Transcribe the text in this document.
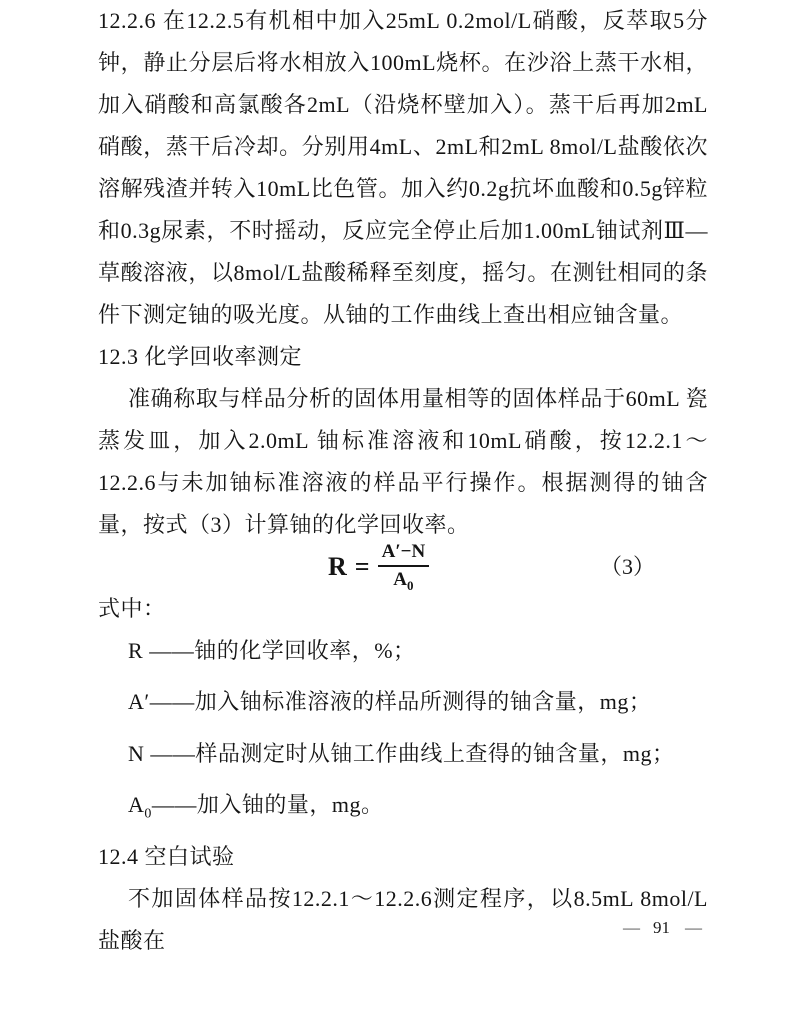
12.2.6 在12.2.5有机相中加入25mL 0.2mol/L硝酸，反萃取5分钟，静止分层后将水相放入100mL烧杯。在沙浴上蒸干水相，加入硝酸和高氯酸各2mL（沿烧杯壁加入）。蒸干后再加2mL硝酸，蒸干后冷却。分别用4mL、2mL和2mL 8mol/L盐酸依次溶解残渣并转入10mL比色管。加入约0.2g抗坏血酸和0.5g锌粒和0.3g尿素，不时摇动，反应完全停止后加1.00mL铀试剂Ⅲ—草酸溶液，以8mol/L盐酸稀释至刻度，摇匀。在测钍相同的条件下测定铀的吸光度。从铀的工作曲线上查出相应铀含量。

12.3 化学回收率测定

准确称取与样品分析的固体用量相等的固体样品于60mL 瓷蒸发皿，加入2.0mL 铀标准溶液和10mL硝酸，按12.2.1～12.2.6与未加铀标准溶液的样品平行操作。根据测得的铀含量，按式（3）计算铀的化学回收率。

$R = \frac{A'-N}{A_0}$	（3）

式中：

R ——铀的化学回收率，%；

A′——加入铀标准溶液的样品所测得的铀含量，mg；

N ——样品测定时从铀工作曲线上查得的铀含量，mg；

$A_0——$加入铀的量，mg。

12.4 空白试验

不加固体样品按12.2.1～12.2.6测定程序，以8.5mL 8mol/L盐酸在

— 91 —
